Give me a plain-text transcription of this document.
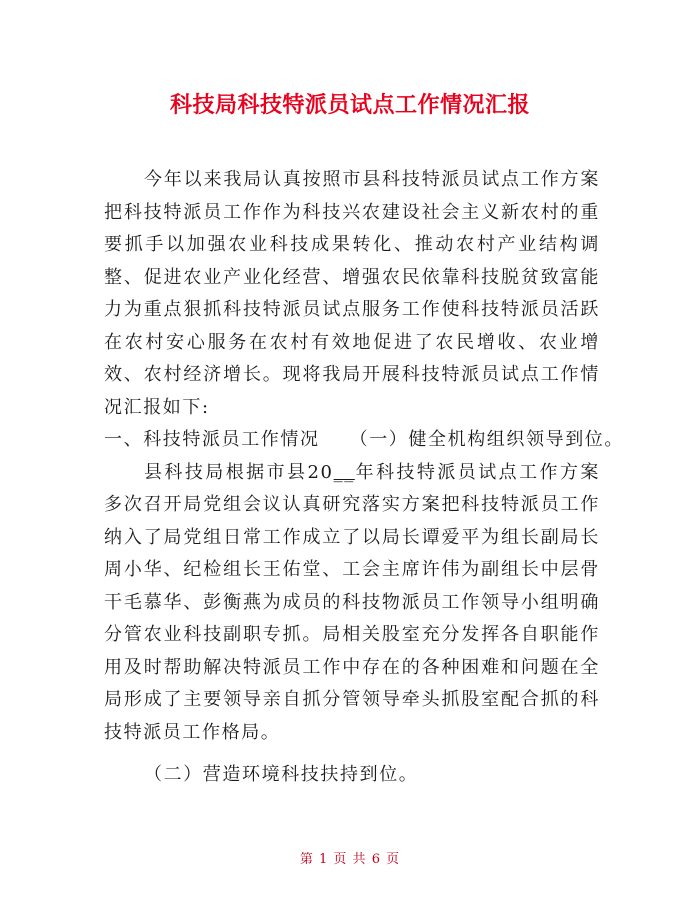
科技局科技特派员试点工作情况汇报

今年以来我局认真按照市县科技特派员试点工作方案把科技特派员工作作为科技兴农建设社会主义新农村的重要抓手以加强农业科技成果转化、推动农村产业结构调整、促进农业产业化经营、增强农民依靠科技脱贫致富能力为重点狠抓科技特派员试点服务工作使科技特派员活跃在农村安心服务在农村有效地促进了农民增收、农业增效、农村经济增长。现将我局开展科技特派员试点工作情况汇报如下:

一、科技特派员工作情况 （一）健全机构组织领导到位。

县科技局根据市县20__年科技特派员试点工作方案多次召开局党组会议认真研究落实方案把科技特派员工作纳入了局党组日常工作成立了以局长谭爱平为组长副局长周小华、纪检组长王佑堂、工会主席许伟为副组长中层骨干毛慕华、彭衡燕为成员的科技物派员工作领导小组明确分管农业科技副职专抓。局相关股室充分发挥各自职能作用及时帮助解决特派员工作中存在的各种困难和问题在全局形成了主要领导亲自抓分管领导牵头抓股室配合抓的科技特派员工作格局。

（二）营造环境科技扶持到位。

第 1 页 共 6 页
